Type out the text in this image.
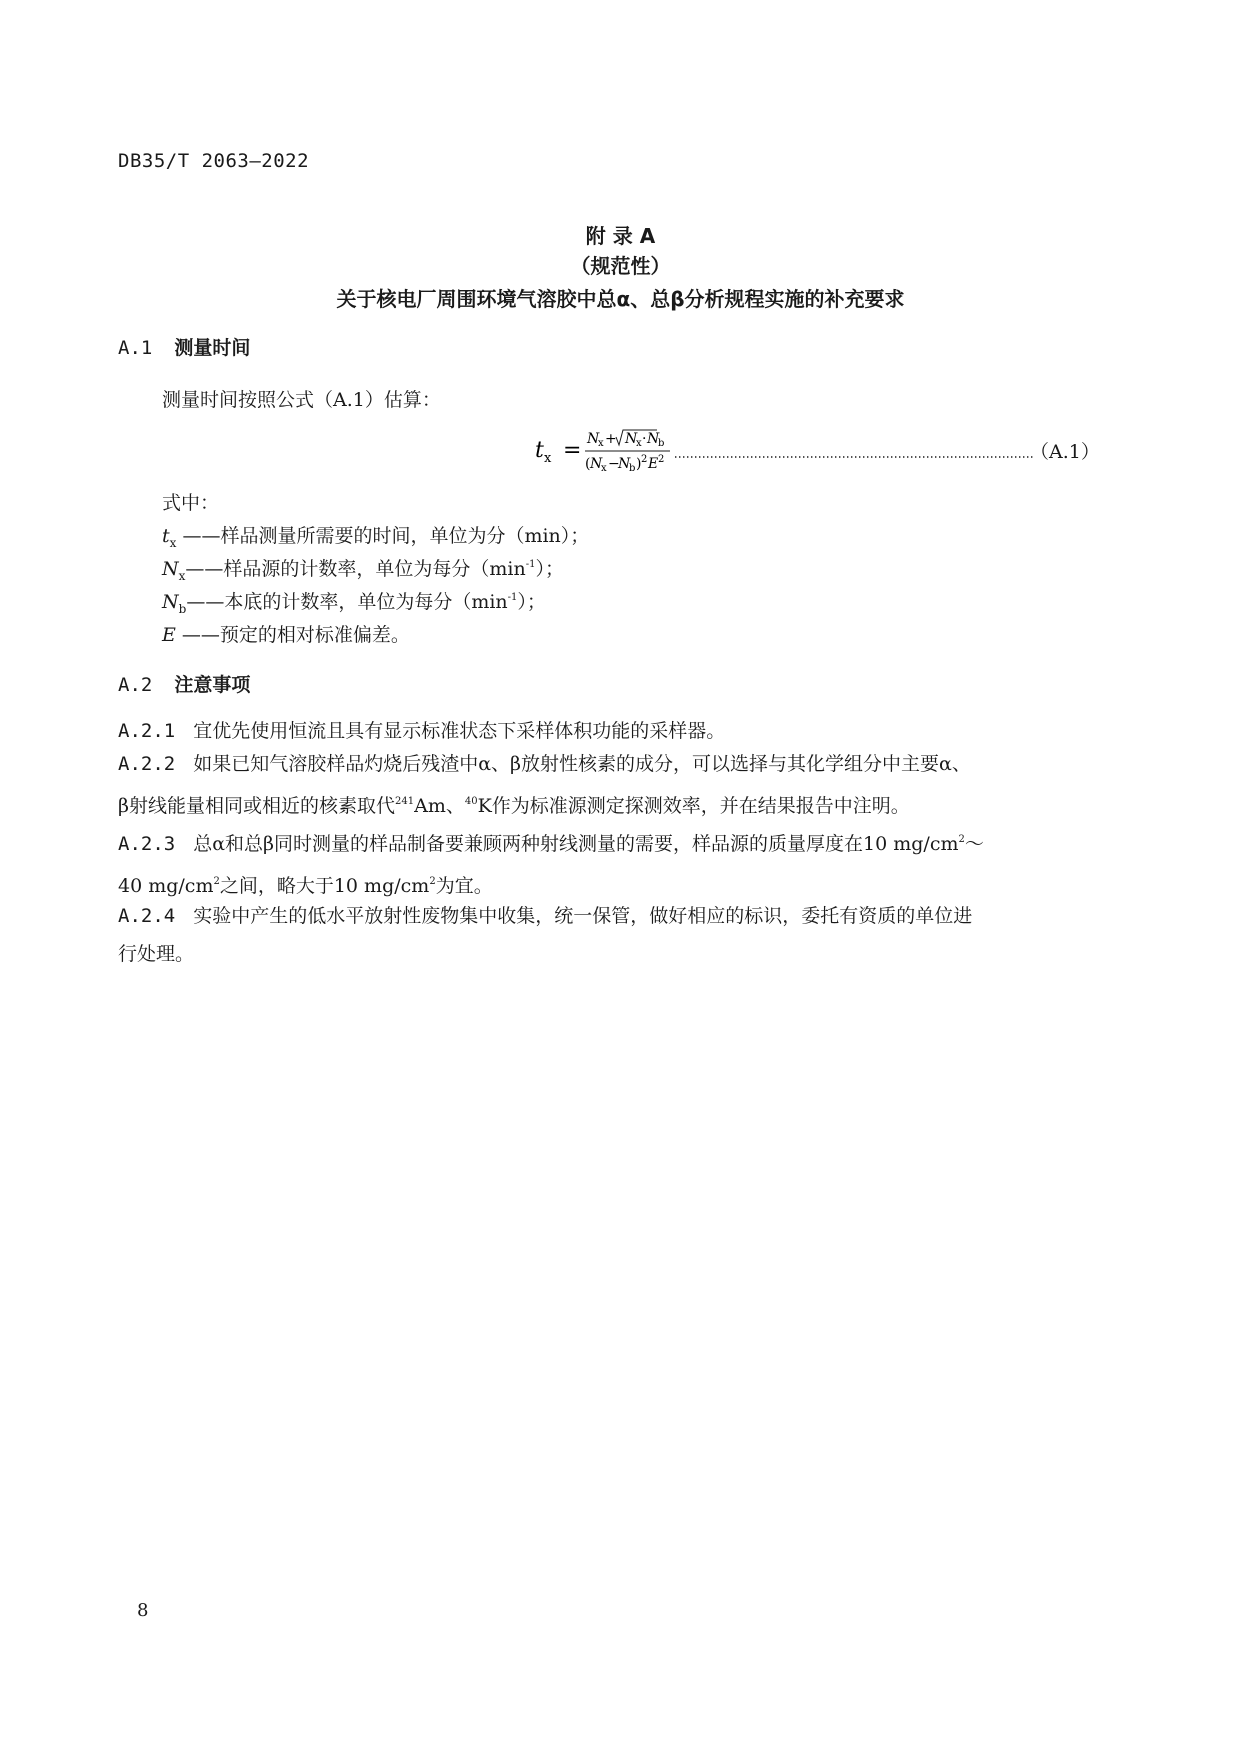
DB35/T 2063—2022
附 录 A
（规范性）
关于核电厂周围环境气溶胶中总α、总β分析规程实施的补充要求
A.1 测量时间
测量时间按照公式（A.1）估算：
t x = N
x + N
x · N
b
( N
x −
N
b ) 2 E 2	（A.1）
式中：
$t_x$ ——样品测量所需要的时间，单位为分（min）；
$N_x——$样品源的计数率，单位为每分$(\min^{-1})$；
$N_b——$本底的计数率，单位为每分$(\min^{-1})$；
E ——预定的相对标准偏差。
A.2 注意事项
A.2.1 宜优先使用恒流且具有显示标准状态下采样体积功能的采样器。
A.2.2 如果已知气溶胶样品灼烧后残渣中α、β放射性核素的成分，可以选择与其化学组分中主要α、
β射线能量相同或相近的核素取代$^{241}$Am、$^{40}$K作为标准源测定探测效率，并在结果报告中注明。
A.2.3 总α和总β同时测量的样品制备要兼顾两种射线测量的需要，样品源的质量厚度在10 $mg/cm^2\sim$
40 $mg/cm^2$之间，略大于10 $mg/cm^2$为宜。
A.2.4 实验中产生的低水平放射性废物集中收集，统一保管，做好相应的标识，委托有资质的单位进
行处理。
8
